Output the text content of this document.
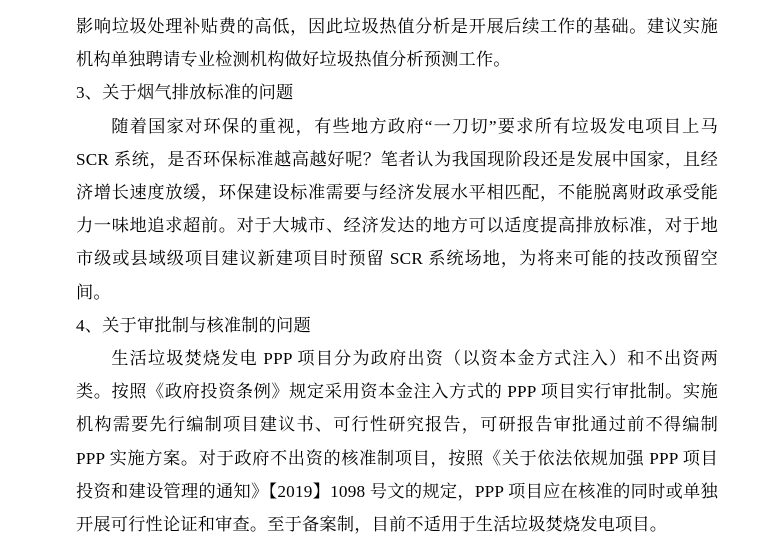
影响垃圾处理补贴费的高低，因此垃圾热值分析是开展后续工作的基础。建议实施机构单独聘请专业检测机构做好垃圾热值分析预测工作。

3、关于烟气排放标准的问题

随着国家对环保的重视，有些地方政府“一刀切”要求所有垃圾发电项目上马 SCR 系统，是否环保标准越高越好呢？笔者认为我国现阶段还是发展中国家，且经济增长速度放缓，环保建设标准需要与经济发展水平相匹配，不能脱离财政承受能力一味地追求超前。对于大城市、经济发达的地方可以适度提高排放标准，对于地市级或县域级项目建议新建项目时预留 SCR 系统场地，为将来可能的技改预留空间。

4、关于审批制与核准制的问题

生活垃圾焚烧发电 PPP 项目分为政府出资（以资本金方式注入）和不出资两类。按照《政府投资条例》规定采用资本金注入方式的 PPP 项目实行审批制。实施机构需要先行编制项目建议书、可行性研究报告，可研报告审批通过前不得编制 PPP 实施方案。对于政府不出资的核准制项目，按照《关于依法依规加强 PPP 项目投资和建设管理的通知》【2019】1098 号文的规定，PPP 项目应在核准的同时或单独开展可行性论证和审查。至于备案制，目前不适用于生活垃圾焚烧发电项目。
